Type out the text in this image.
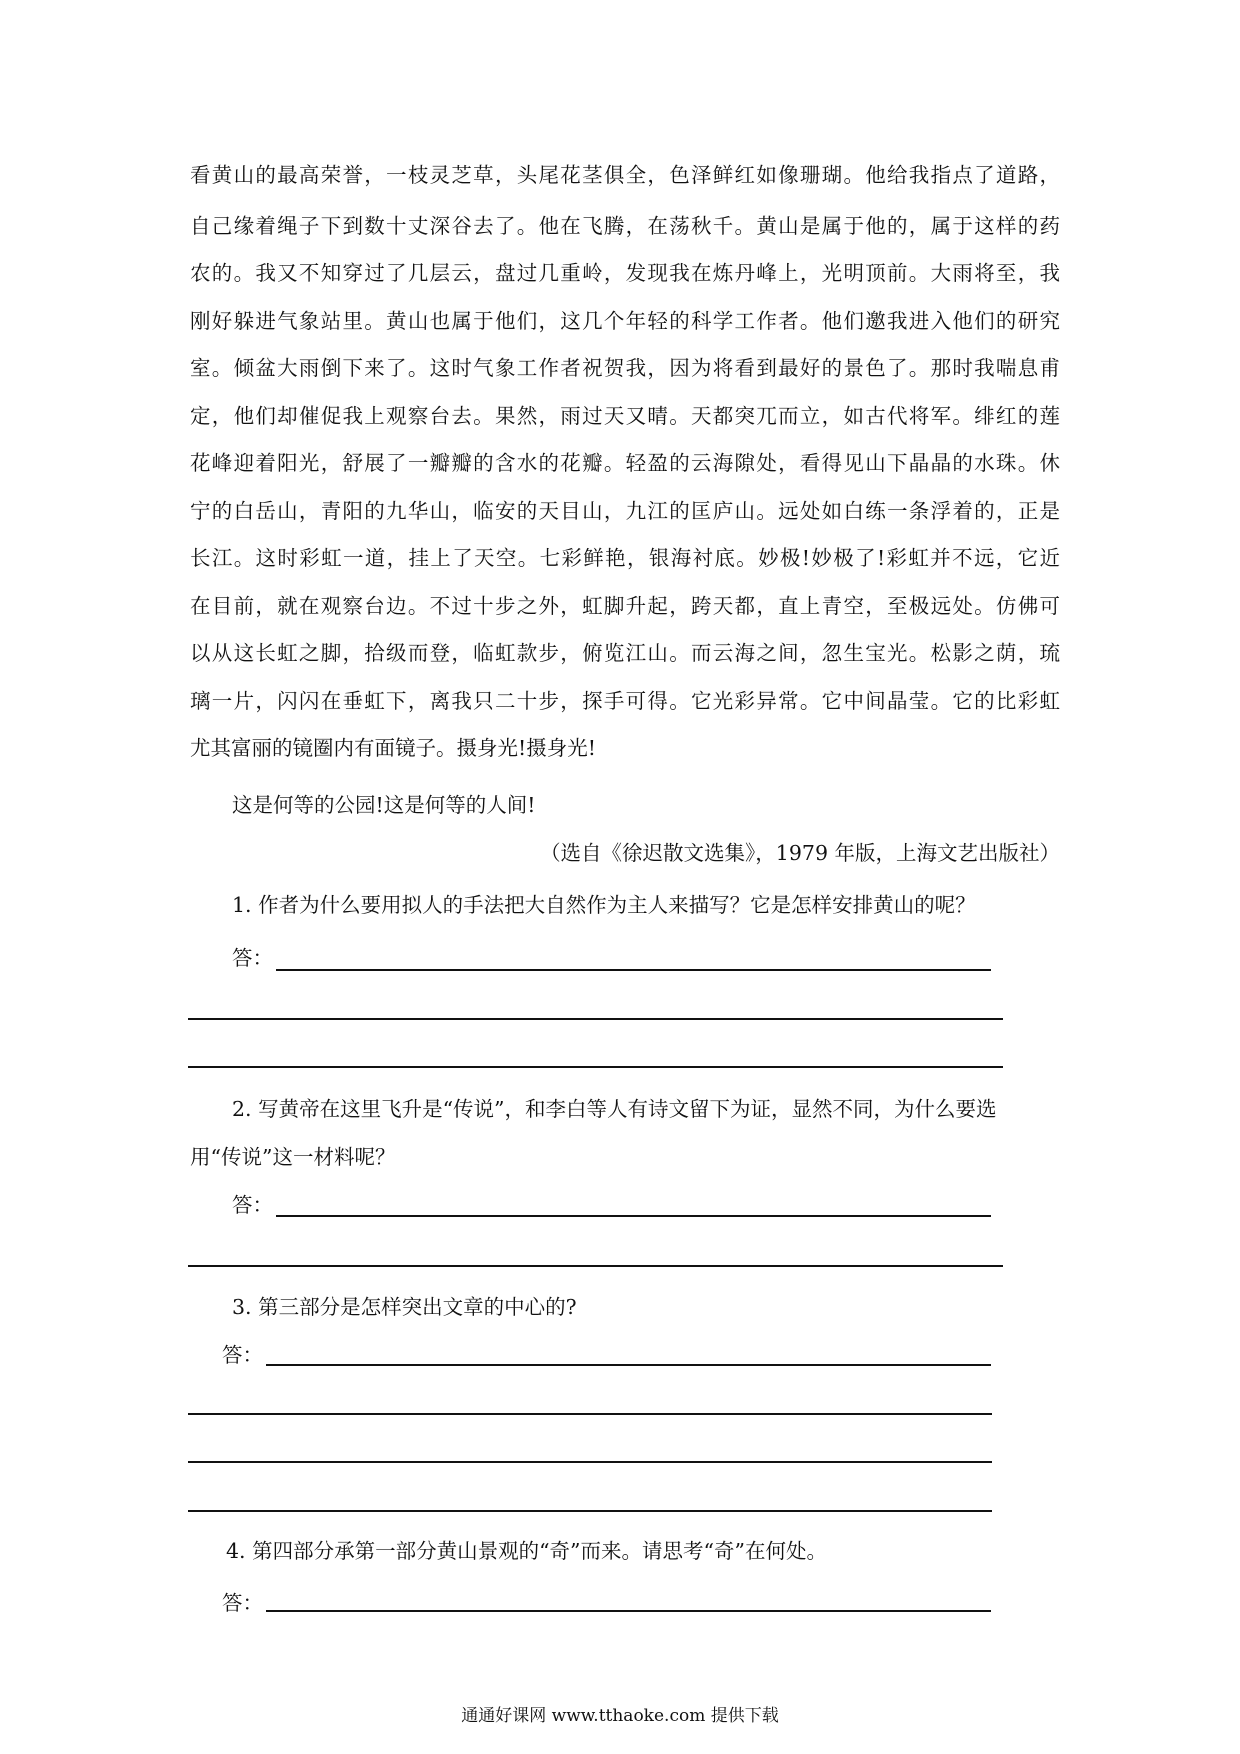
看黄山的最高荣誉，一枝灵芝草，头尾花茎俱全，色泽鲜红如像珊瑚。他给我指点了道路，
自己缘着绳子下到数十丈深谷去了。他在飞腾，在荡秋千。黄山是属于他的，属于这样的药
农的。我又不知穿过了几层云，盘过几重岭，发现我在炼丹峰上，光明顶前。大雨将至，我
刚好躲进气象站里。黄山也属于他们，这几个年轻的科学工作者。他们邀我进入他们的研究
室。倾盆大雨倒下来了。这时气象工作者祝贺我，因为将看到最好的景色了。那时我喘息甫
定，他们却催促我上观察台去。果然，雨过天又晴。天都突兀而立，如古代将军。绯红的莲
花峰迎着阳光，舒展了一瓣瓣的含水的花瓣。轻盈的云海隙处，看得见山下晶晶的水珠。休
宁的白岳山，青阳的九华山，临安的天目山，九江的匡庐山。远处如白练一条浮着的，正是
长江。这时彩虹一道，挂上了天空。七彩鲜艳，银海衬底。妙极!妙极了!彩虹并不远，它近
在目前，就在观察台边。不过十步之外，虹脚升起，跨天都，直上青空，至极远处。仿佛可
以从这长虹之脚，拾级而登，临虹款步，俯览江山。而云海之间，忽生宝光。松影之荫，琉
璃一片，闪闪在垂虹下，离我只二十步，探手可得。它光彩异常。它中间晶莹。它的比彩虹
尤其富丽的镜圈内有面镜子。摄身光!摄身光!
这是何等的公园!这是何等的人间!
（选自《徐迟散文选集》，1979 年版，上海文艺出版社）
1. 作者为什么要用拟人的手法把大自然作为主人来描写？它是怎样安排黄山的呢？
答：
2. 写黄帝在这里飞升是“传说”，和李白等人有诗文留下为证，显然不同，为什么要选
用“传说”这一材料呢？
答：
3. 第三部分是怎样突出文章的中心的?
答：
4. 第四部分承第一部分黄山景观的“奇”而来。请思考“奇”在何处。
答：
通通好课网 www.tthaoke.com 提供下载
